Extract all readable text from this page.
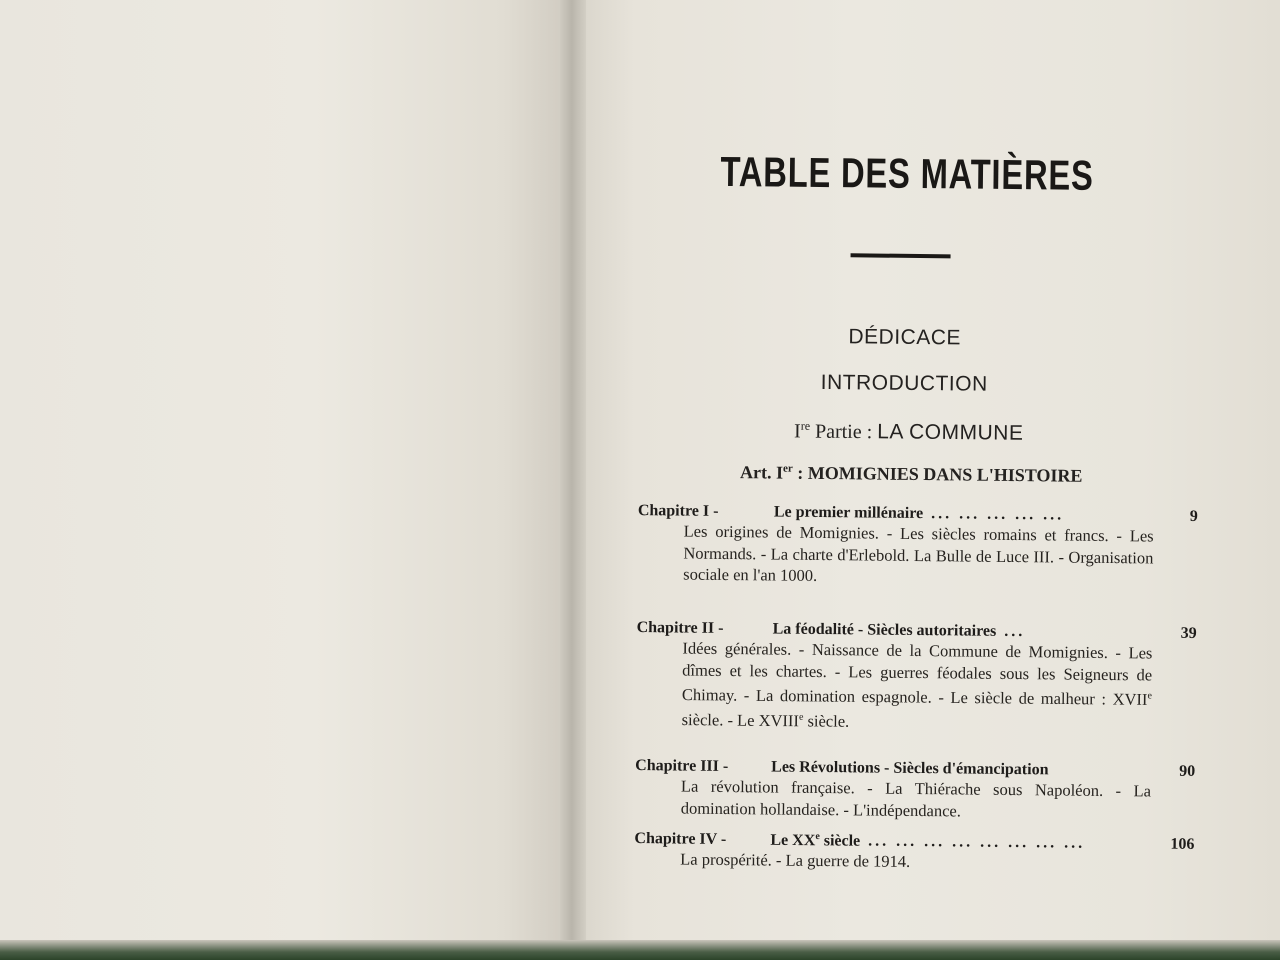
TABLE DES MATIÈRES
DÉDICACE
INTRODUCTION
Ire Partie : LA COMMUNE
Art. Ier : MOMIGNIES DANS L'HISTOIRE
Chapitre I -	Le premier millénaire ... ... ... ... ...	9
Les origines de Momignies. - Les siècles romains et francs. - Les Normands. - La charte d'Erlebold. La Bulle de Luce III. - Organisation sociale en l'an 1000.
Chapitre II -	La féodalité - Siècles autoritaires ...	39
Idées générales. - Naissance de la Commune de Momignies. - Les dîmes et les chartes. - Les guerres féodales sous les Seigneurs de Chimay. - La domination espagnole. - Le siècle de malheur : XVIIe siècle. - Le XVIIIe siècle.
Chapitre III -	Les Révolutions - Siècles d'émancipation	90
La révolution française. - La Thiérache sous Napoléon. - La domination hollandaise. - L'indépendance.
Chapitre IV -	Le XXe siècle ... ... ... ... ... ... ... ...	106
La prospérité. - La guerre de 1914.
